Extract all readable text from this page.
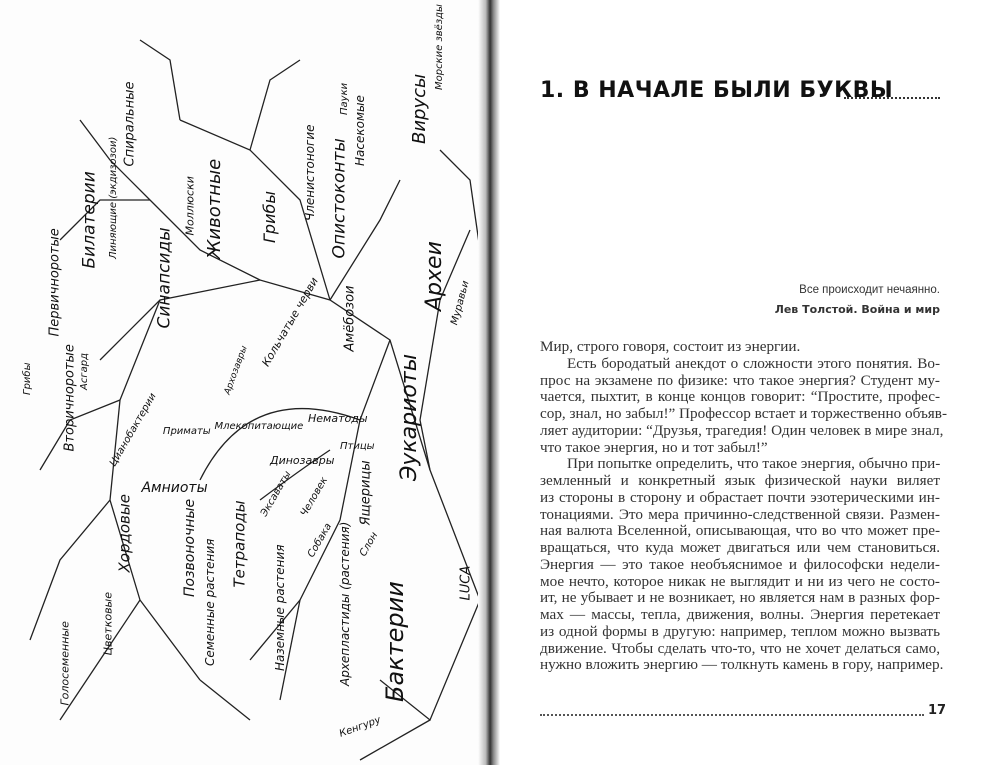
Бактерии
Археи
Эукариоты
Вирусы
LUCA
Опистоконты
Животные Грибы
Билатерии
Первичноротые
Вторичноротые
Хордовые	Позвоночные Тетраподы
Амниоты
Синапсиды
Архепластиды (растения)
Наземные растения
Семенные растения
Голосеменные	Цветковые
Амёбозои
Насекомые
Членистоногие
Спиральные
Линяющие (экдизозои)	Моллюски
Кольчатые черви
Нематоды
Динозавры
Птицы
Млекопитающие
Приматы
Архозавры
Цианобактерии
Эксаваты	Ящерицы
Человек
Собака Слон
Кенгуру
Грибы
Морские звёзды
Пауки
Муравьи
Асгард
1. В НАЧАЛЕ БЫЛИ БУКВЫ
Все происходит нечаянно.
Лев Толстой. Война и мир
Мир, строго говоря, состоит из энергии.
Есть бородатый анекдот о сложности этого понятия. Во-
прос на экзамене по физике: что такое энергия? Студент му-
чается, пыхтит, в конце концов говорит: “Простите, профес-
сор, знал, но забыл!” Профессор встает и торжественно объяв-
ляет аудитории: “Друзья, трагедия! Один человек в мире знал,
что такое энергия, но и тот забыл!”
При попытке определить, что такое энергия, обычно при-
земленный и конкретный язык физической науки виляет
из стороны в сторону и обрастает почти эзотерическими ин-
тонациями. Это мера причинно-следственной связи. Размен-
ная валюта Вселенной, описывающая, что во что может пре-
вращаться, что куда может двигаться или чем становиться.
Энергия — это такое необъяснимое и философски недели-
мое нечто, которое никак не выглядит и ни из чего не состо-
ит, не убывает и не возникает, но является нам в разных фор-
мах — массы, тепла, движения, волны. Энергия перетекает
из одной формы в другую: например, теплом можно вызвать
движение. Чтобы сделать что-то, что не хочет делаться само,
нужно вложить энергию — толкнуть камень в гору, например.
17
